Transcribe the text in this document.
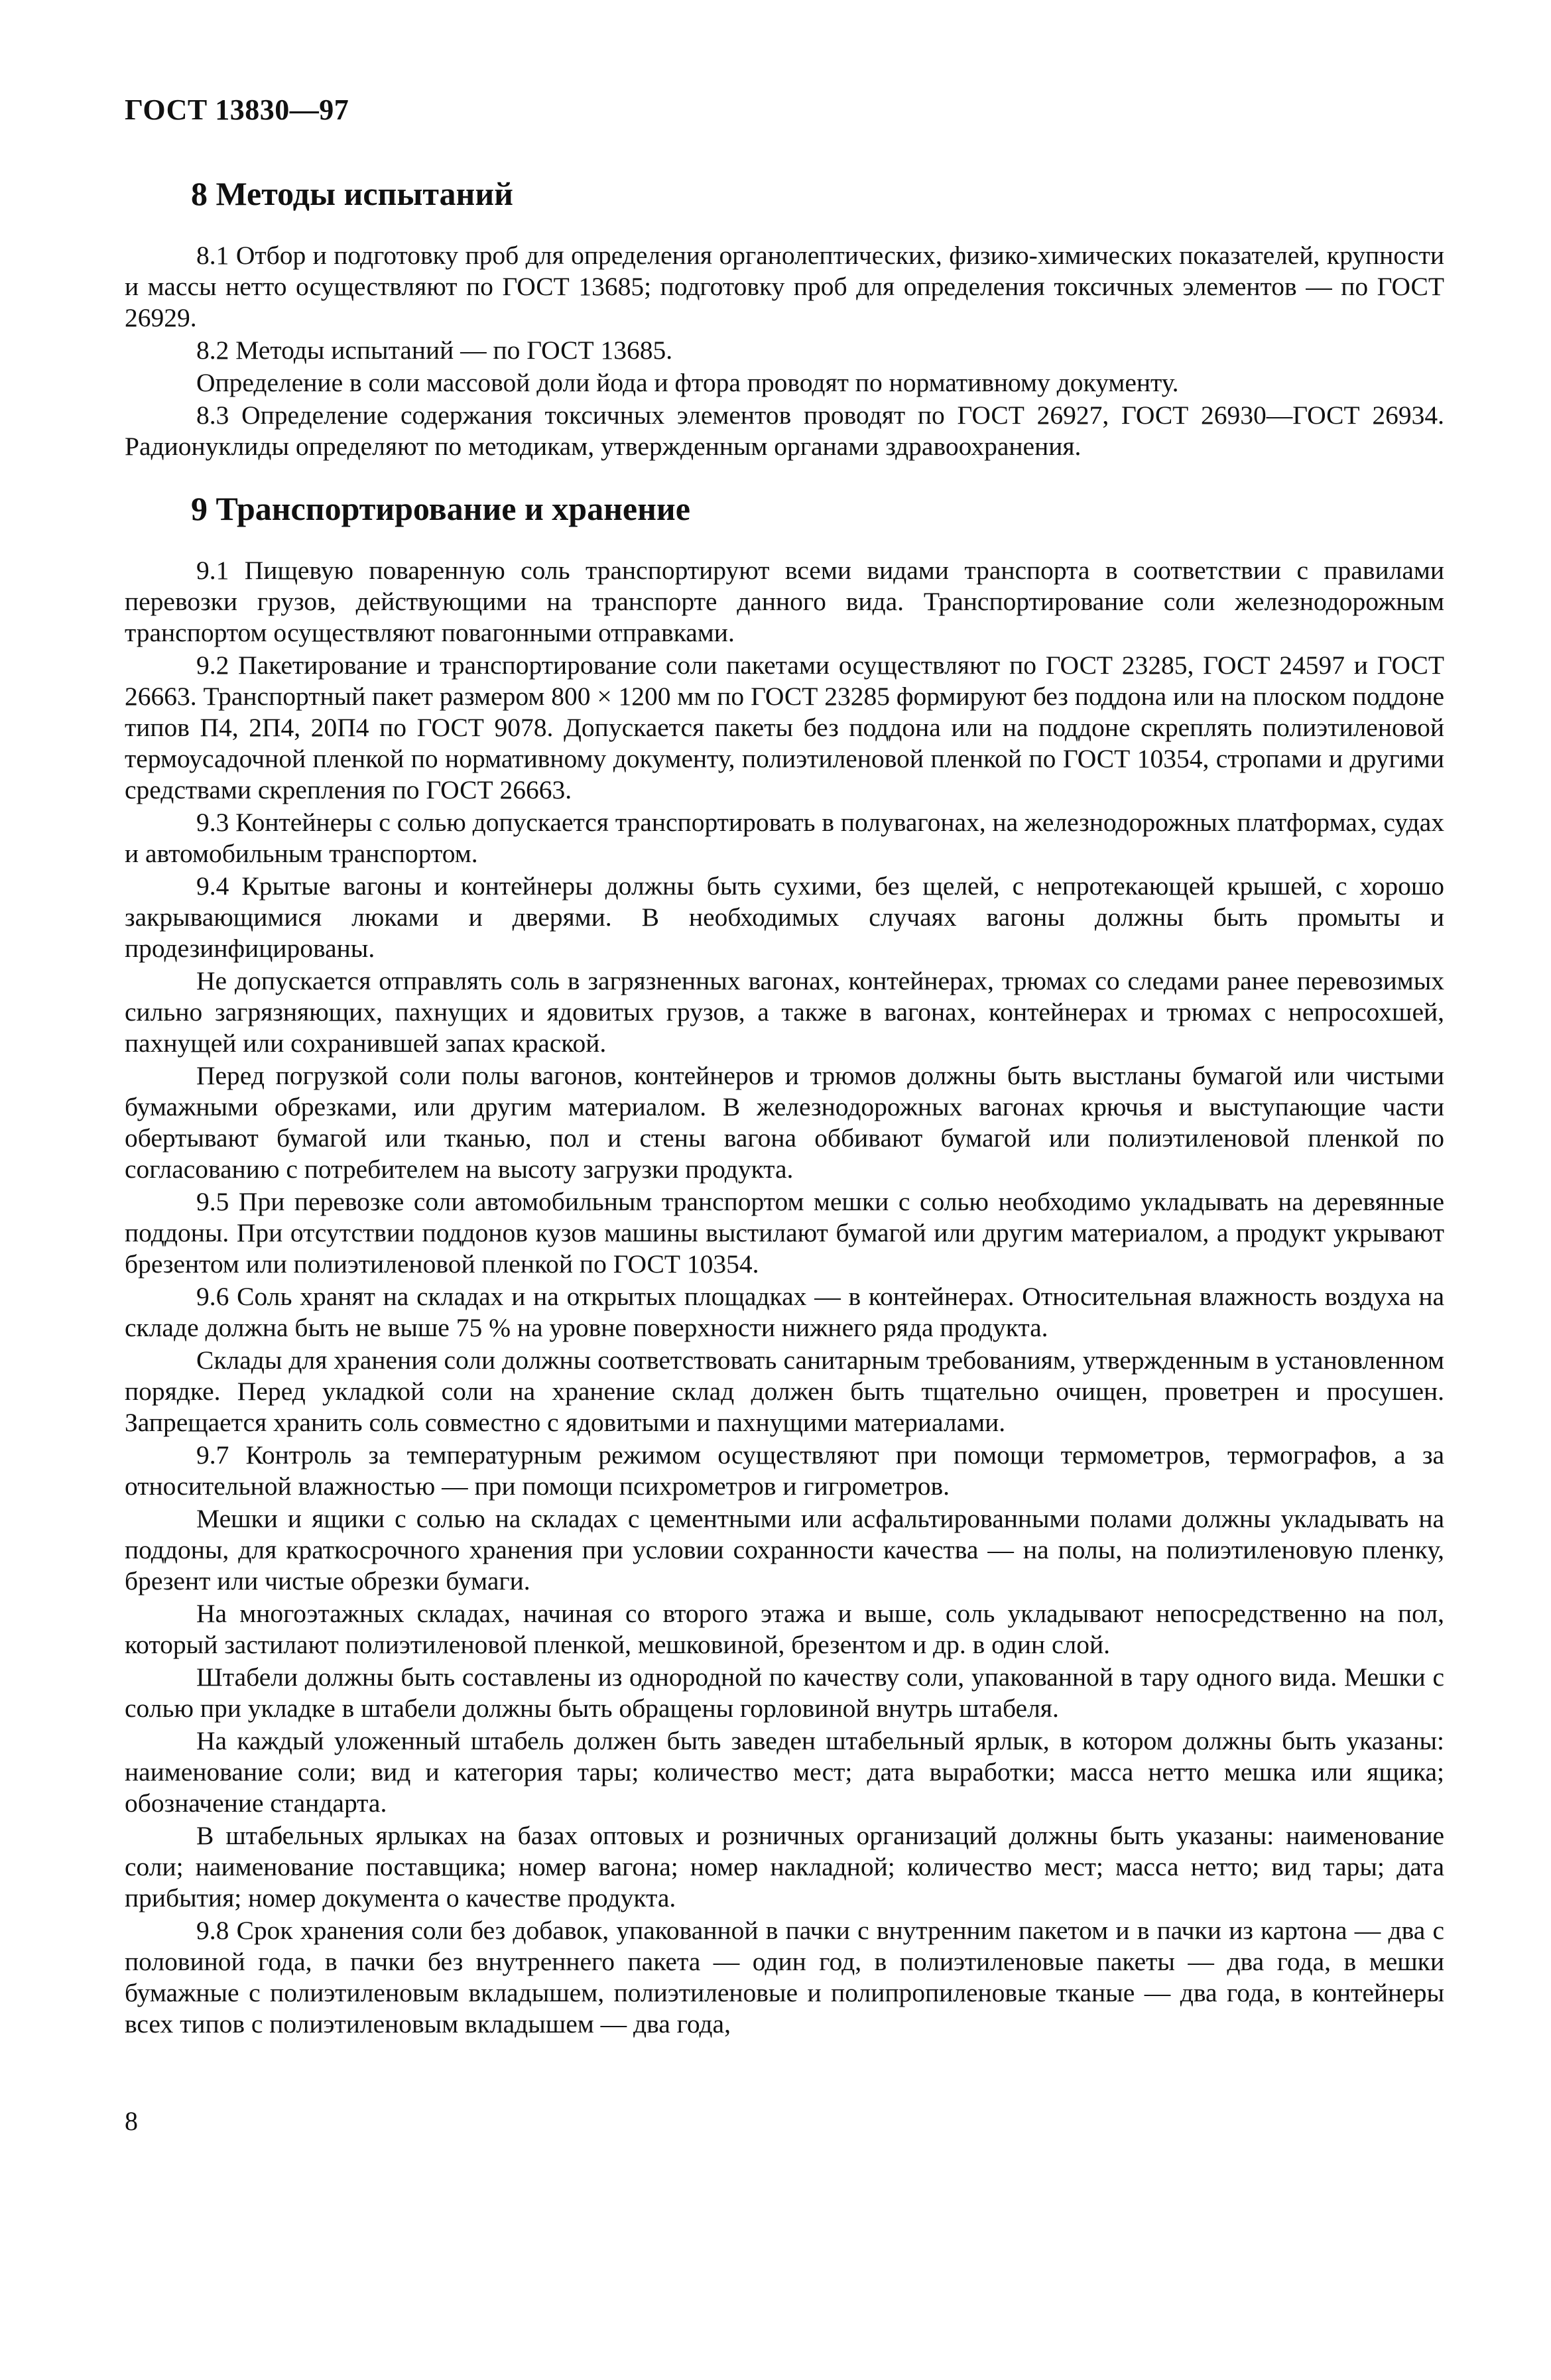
ГОСТ 13830—97
8 Методы испытаний

8.1 Отбор и подготовку проб для определения органолептических, физико-химических показателей, крупности и массы нетто осуществляют по ГОСТ 13685; подготовку проб для определения токсичных элементов — по ГОСТ 26929.

8.2 Методы испытаний — по ГОСТ 13685.

Определение в соли массовой доли йода и фтора проводят по нормативному документу.

8.3 Определение содержания токсичных элементов проводят по ГОСТ 26927, ГОСТ 26930—ГОСТ 26934. Радионуклиды определяют по методикам, утвержденным органами здравоохранения.

9 Транспортирование и хранение

9.1 Пищевую поваренную соль транспортируют всеми видами транспорта в соответствии с правилами перевозки грузов, действующими на транспорте данного вида. Транспортирование соли железнодорожным транспортом осуществляют повагонными отправками.

9.2 Пакетирование и транспортирование соли пакетами осуществляют по ГОСТ 23285, ГОСТ 24597 и ГОСТ 26663. Транспортный пакет размером 800 × 1200 мм по ГОСТ 23285 формируют без поддона или на плоском поддоне типов П4, 2П4, 20П4 по ГОСТ 9078. Допускается пакеты без поддона или на поддоне скреплять полиэтиленовой термоусадочной пленкой по нормативному документу, полиэтиленовой пленкой по ГОСТ 10354, стропами и другими средствами скрепления по ГОСТ 26663.

9.3 Контейнеры с солью допускается транспортировать в полувагонах, на железнодорожных платформах, судах и автомобильным транспортом.

9.4 Крытые вагоны и контейнеры должны быть сухими, без щелей, с непротекающей крышей, с хорошо закрывающимися люками и дверями. В необходимых случаях вагоны должны быть промыты и продезинфицированы.

Не допускается отправлять соль в загрязненных вагонах, контейнерах, трюмах со следами ранее перевозимых сильно загрязняющих, пахнущих и ядовитых грузов, а также в вагонах, контейнерах и трюмах с непросохшей, пахнущей или сохранившей запах краской.

Перед погрузкой соли полы вагонов, контейнеров и трюмов должны быть выстланы бумагой или чистыми бумажными обрезками, или другим материалом. В железнодорожных вагонах крючья и выступающие части обертывают бумагой или тканью, пол и стены вагона оббивают бумагой или полиэтиленовой пленкой по согласованию с потребителем на высоту загрузки продукта.

9.5 При перевозке соли автомобильным транспортом мешки с солью необходимо укладывать на деревянные поддоны. При отсутствии поддонов кузов машины выстилают бумагой или другим материалом, а продукт укрывают брезентом или полиэтиленовой пленкой по ГОСТ 10354.

9.6 Соль хранят на складах и на открытых площадках — в контейнерах. Относительная влажность воздуха на складе должна быть не выше 75 % на уровне поверхности нижнего ряда продукта.

Склады для хранения соли должны соответствовать санитарным требованиям, утвержденным в установленном порядке. Перед укладкой соли на хранение склад должен быть тщательно очищен, проветрен и просушен. Запрещается хранить соль совместно с ядовитыми и пахнущими материалами.

9.7 Контроль за температурным режимом осуществляют при помощи термометров, термографов, а за относительной влажностью — при помощи психрометров и гигрометров.

Мешки и ящики с солью на складах с цементными или асфальтированными полами должны укладывать на поддоны, для краткосрочного хранения при условии сохранности качества — на полы, на полиэтиленовую пленку, брезент или чистые обрезки бумаги.

На многоэтажных складах, начиная со второго этажа и выше, соль укладывают непосредственно на пол, который застилают полиэтиленовой пленкой, мешковиной, брезентом и др. в один слой.

Штабели должны быть составлены из однородной по качеству соли, упакованной в тару одного вида. Мешки с солью при укладке в штабели должны быть обращены горловиной внутрь штабеля.

На каждый уложенный штабель должен быть заведен штабельный ярлык, в котором должны быть указаны: наименование соли; вид и категория тары; количество мест; дата выработки; масса нетто мешка или ящика; обозначение стандарта.

В штабельных ярлыках на базах оптовых и розничных организаций должны быть указаны: наименование соли; наименование поставщика; номер вагона; номер накладной; количество мест; масса нетто; вид тары; дата прибытия; номер документа о качестве продукта.

9.8 Срок хранения соли без добавок, упакованной в пачки с внутренним пакетом и в пачки из картона — два с половиной года, в пачки без внутреннего пакета — один год, в полиэтиленовые пакеты — два года, в мешки бумажные с полиэтиленовым вкладышем, полиэтиленовые и полипропиленовые тканые — два года, в контейнеры всех типов с полиэтиленовым вкладышем — два года,

8
